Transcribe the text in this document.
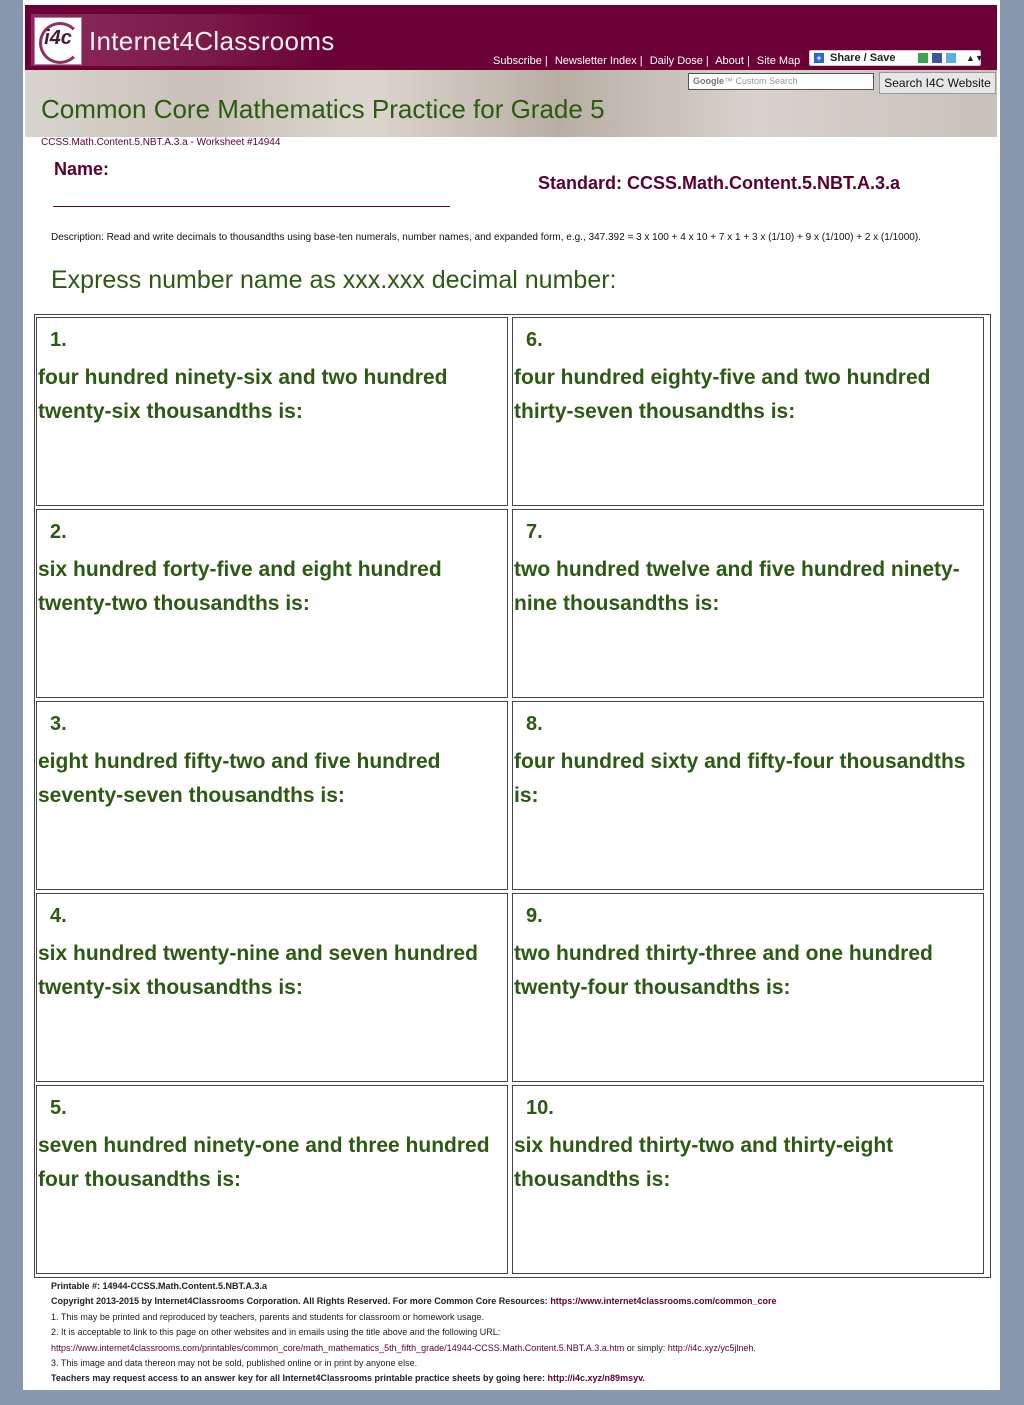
i4c Internet4Classrooms
Subscribe | Newsletter Index | Daily Dose | About | Site Map + Share / Save	▲▼
Google™ Custom Search	Search I4C Website
Common Core Mathematics Practice for Grade 5
CCSS.Math.Content.5.NBT.A.3.a - Worksheet #14944
Name:
Standard: CCSS.Math.Content.5.NBT.A.3.a
Description: Read and write decimals to thousandths using base-ten numerals, number names, and expanded form, e.g., 347.392 = 3 x 100 + 4 x 10 + 7 x 1 + 3 x (1/10) + 9 x (1/100) + 2 x (1/1000).
Express number name as xxx.xxx decimal number:
1.
four hundred ninety-six and two hundred twenty-six thousandths is:
2.
six hundred forty-five and eight hundred twenty-two thousandths is:
3.
eight hundred fifty-two and five hundred seventy-seven thousandths is:
4.
six hundred twenty-nine and seven hundred twenty-six thousandths is:
5.
seven hundred ninety-one and three hundred four thousandths is:
6.
four hundred eighty-five and two hundred thirty-seven thousandths is:
7.
two hundred twelve and five hundred ninety-nine thousandths is:
8.
four hundred sixty and fifty-four thousandths is:
9.
two hundred thirty-three and one hundred twenty-four thousandths is:
10.
six hundred thirty-two and thirty-eight thousandths is:
Printable #: 14944-CCSS.Math.Content.5.NBT.A.3.a
Copyright 2013-2015 by Internet4Classrooms Corporation. All Rights Reserved. For more Common Core Resources: https://www.internet4classrooms.com/common_core
1. This may be printed and reproduced by teachers, parents and students for classroom or homework usage.
2. It is acceptable to link to this page on other websites and in emails using the title above and the following URL:
https://www.internet4classrooms.com/printables/common_core/math_mathematics_5th_fifth_grade/14944-CCSS.Math.Content.5.NBT.A.3.a.htm or simply: http://i4c.xyz/yc5jlneh.
3. This image and data thereon may not be sold, published online or in print by anyone else.
Teachers may request access to an answer key for all Internet4Classrooms printable practice sheets by going here: http://i4c.xyz/n89msyv.
